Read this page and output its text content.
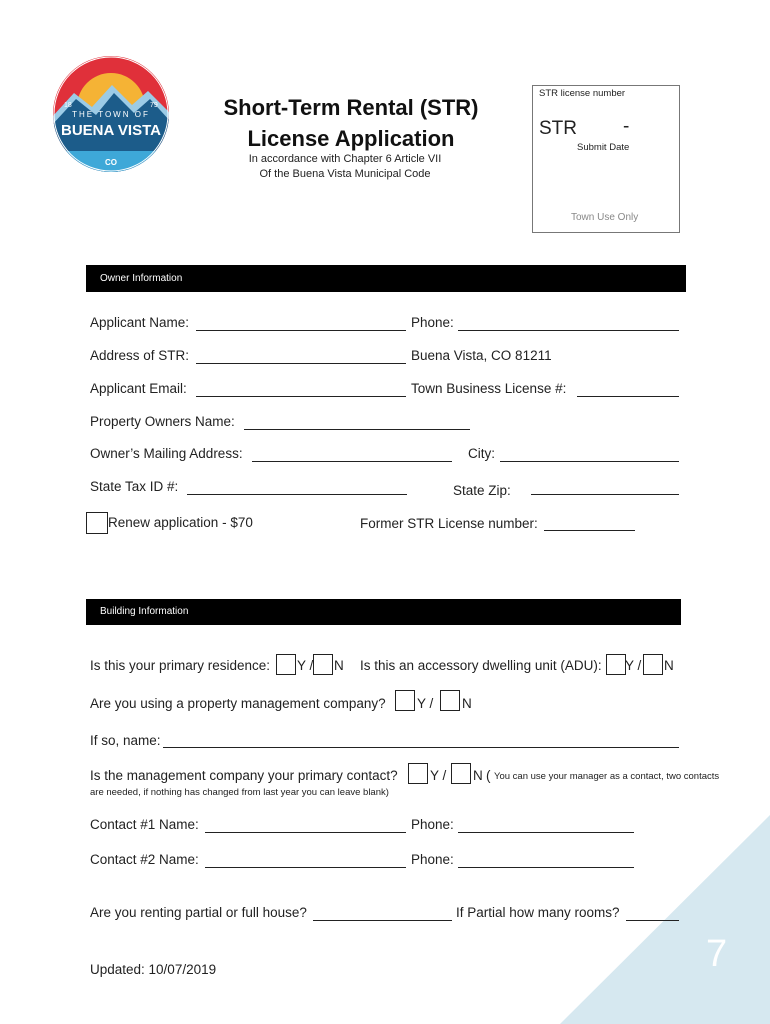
7
THE TOWN OF
BUENA VISTA
18	79
CO
Short-Term Rental (STR)
License Application
In accordance with Chapter 6 Article VII
Of the Buena Vista Municipal Code
STR license number
STR -
Submit Date
Town Use Only
Owner Information
Applicant Name:	Phone:
Address of STR:	Buena Vista, CO 81211
Applicant Email:	Town Business License #:
Property Owners Name:
Owner’s Mailing Address:	City:
State Tax ID #:	State Zip:
Renew application - $70	Former STR License number:
Building Information
Is this your primary residence: Y / N Is this an accessory dwelling unit (ADU): Y / N
Are you using a property management company? Y / N
If so, name:
Is the management company your primary contact? Y / N ( You can use your manager as a contact, two contacts
are needed, if nothing has changed from last year you can leave blank)
Contact #1 Name:	Phone:
Contact #2 Name:	Phone:
Are you renting partial or full house?	If Partial how many rooms?
Updated: 10/07/2019
